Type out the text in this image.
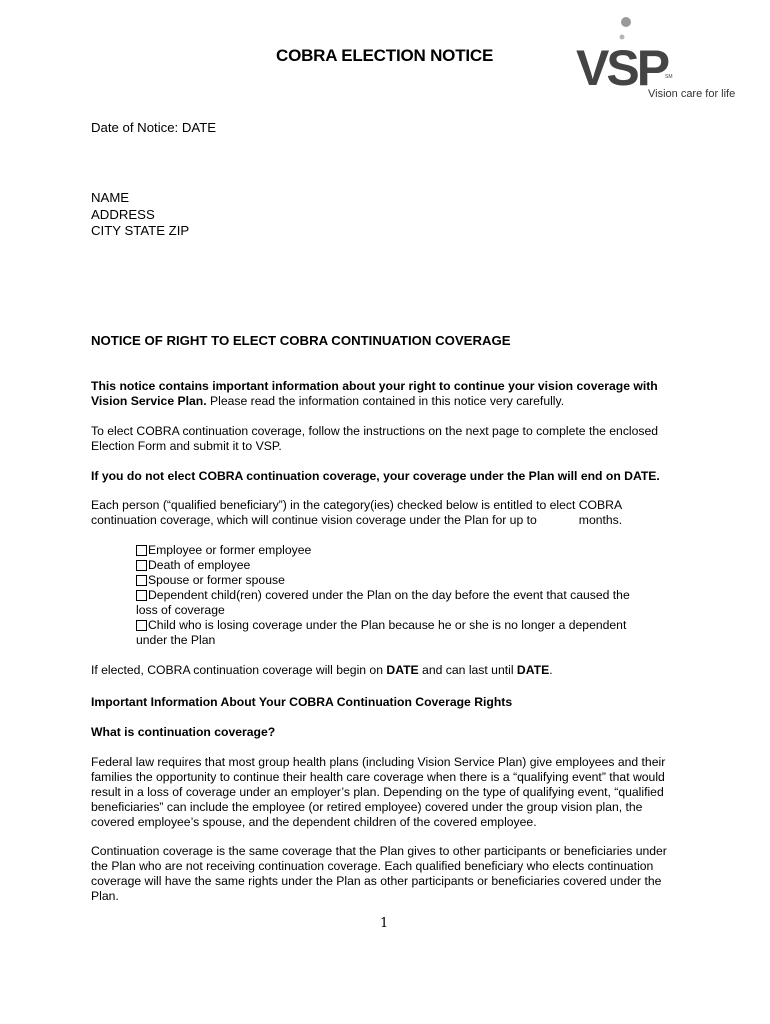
COBRA ELECTION NOTICE VSP
SM
Vision care for life
Date of Notice: DATE
NAME
ADDRESS
CITY STATE ZIP
NOTICE OF RIGHT TO ELECT COBRA CONTINUATION COVERAGE
This notice contains important information about your right to continue your vision coverage with Vision Service Plan. Please read the information contained in this notice very carefully.
To elect COBRA continuation coverage, follow the instructions on the next page to complete the enclosed Election Form and submit it to VSP.
If you do not elect COBRA continuation coverage, your coverage under the Plan will end on DATE.
Each person (“qualified beneficiary”) in the category(ies) checked below is entitled to elect COBRA
continuation coverage, which will continue vision coverage under the Plan for up to	months.
Employee or former employee
Death of employee
Spouse or former spouse
Dependent child(ren) covered under the Plan on the day before the event that caused the loss of coverage
Child who is losing coverage under the Plan because he or she is no longer a dependent under the Plan
If elected, COBRA continuation coverage will begin on DATE and can last until DATE.
Important Information About Your COBRA Continuation Coverage Rights
What is continuation coverage?
Federal law requires that most group health plans (including Vision Service Plan) give employees and their families the opportunity to continue their health care coverage when there is a “qualifying event” that would result in a loss of coverage under an employer’s plan. Depending on the type of qualifying event, “qualified beneficiaries” can include the employee (or retired employee) covered under the group vision plan, the covered employee’s spouse, and the dependent children of the covered employee.
Continuation coverage is the same coverage that the Plan gives to other participants or beneficiaries under the Plan who are not receiving continuation coverage. Each qualified beneficiary who elects continuation coverage will have the same rights under the Plan as other participants or beneficiaries covered under the Plan.
1
